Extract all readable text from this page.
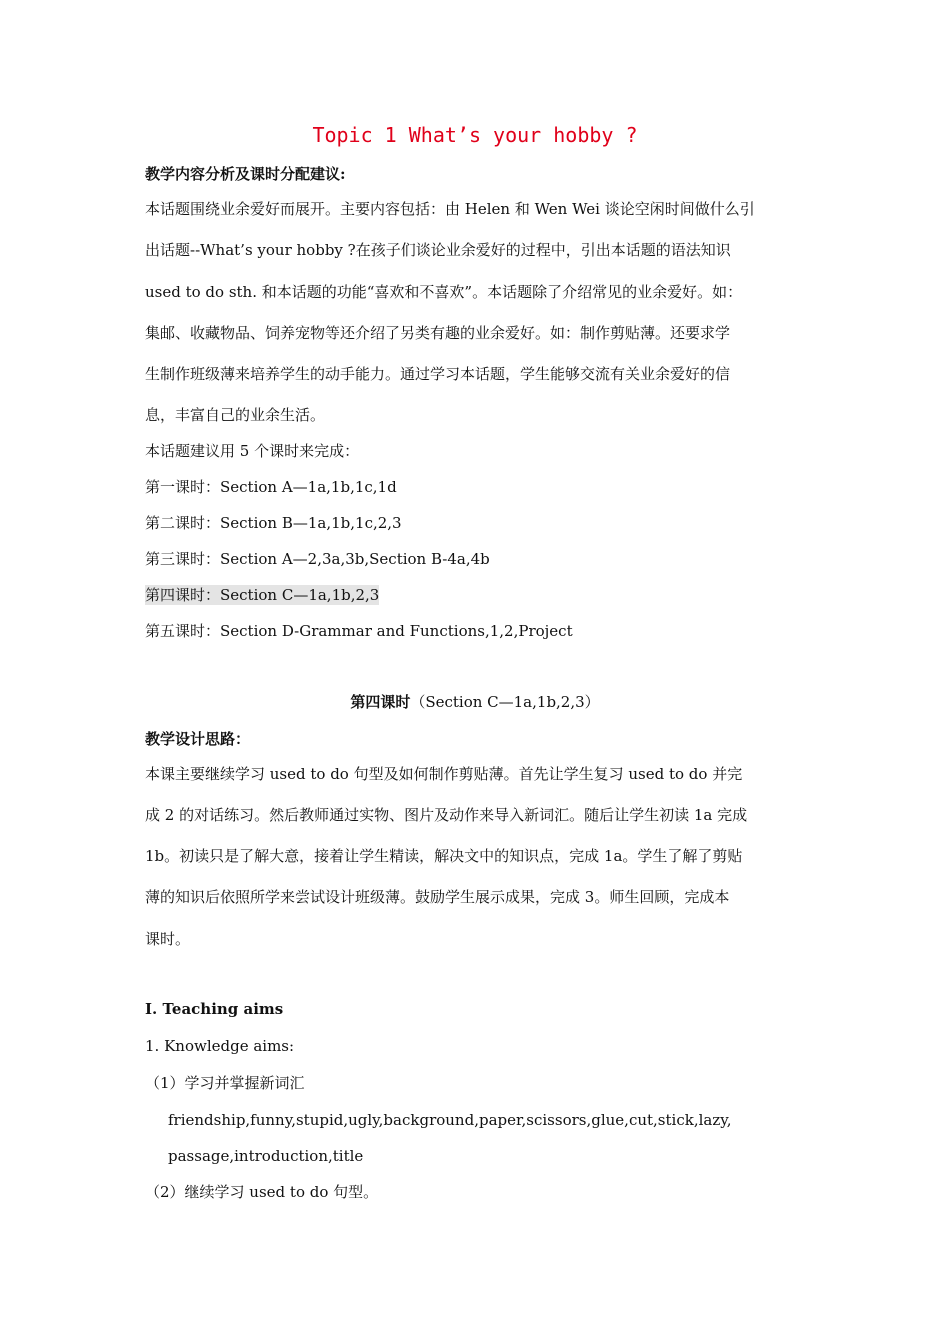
Topic 1 What’s your hobby ?
教学内容分析及课时分配建议:
本话题围绕业余爱好而展开。主要内容包括：由 Helen 和 Wen Wei 谈论空闲时间做什么引
出话题--What’s your hobby ?在孩子们谈论业余爱好的过程中，引出本话题的语法知识
used to do sth. 和本话题的功能“喜欢和不喜欢”。本话题除了介绍常见的业余爱好。如：
集邮、收藏物品、饲养宠物等还介绍了另类有趣的业余爱好。如：制作剪贴薄。还要求学
生制作班级薄来培养学生的动手能力。通过学习本话题，学生能够交流有关业余爱好的信
息，丰富自己的业余生活。
本话题建议用 5 个课时来完成：
第一课时：Section A—1a,1b,1c,1d
第二课时：Section B—1a,1b,1c,2,3
第三课时：Section A—2,3a,3b,Section B-4a,4b
第四课时：Section C—1a,1b,2,3
第五课时：Section D-Grammar and Functions,1,2,Project
第四课时（Section C—1a,1b,2,3）
教学设计思路：
本课主要继续学习 used to do 句型及如何制作剪贴薄。首先让学生复习 used to do 并完
成 2 的对话练习。然后教师通过实物、图片及动作来导入新词汇。随后让学生初读 1a 完成
1b。初读只是了解大意，接着让学生精读，解决文中的知识点，完成 1a。学生了解了剪贴
薄的知识后依照所学来尝试设计班级薄。鼓励学生展示成果，完成 3。师生回顾，完成本
课时。
Ⅰ. Teaching aims
1. Knowledge aims:
（1）学习并掌握新词汇
friendship,funny,stupid,ugly,background,paper,scissors,glue,cut,stick,lazy,
passage,introduction,title
（2）继续学习 used to do 句型。
